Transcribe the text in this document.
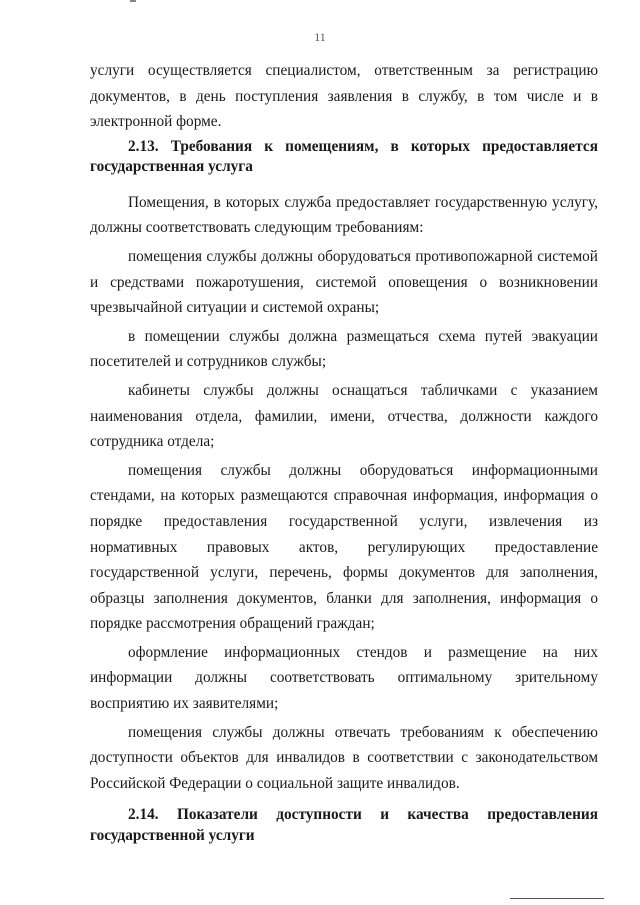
11

услуги осуществляется специалистом, ответственным за регистрацию документов, в день поступления заявления в службу, в том числе и в электронной форме.

2.13. Требования к помещениям, в которых предоставляется государственная услуга

Помещения, в которых служба предоставляет государственную услугу, должны соответствовать следующим требованиям:

помещения службы должны оборудоваться противопожарной системой и средствами пожаротушения, системой оповещения о возникновении чрезвычайной ситуации и системой охраны;

в помещении службы должна размещаться схема путей эвакуации посетителей и сотрудников службы;

кабинеты службы должны оснащаться табличками с указанием наименования отдела, фамилии, имени, отчества, должности каждого сотрудника отдела;

помещения службы должны оборудоваться информационными стендами, на которых размещаются справочная информация, информация о порядке предоставления государственной услуги, извлечения из нормативных правовых актов, регулирующих предоставление государственной услуги, перечень, формы документов для заполнения, образцы заполнения документов, бланки для заполнения, информация о порядке рассмотрения обращений граждан;

оформление информационных стендов и размещение на них информации должны соответствовать оптимальному зрительному восприятию их заявителями;

помещения службы должны отвечать требованиям к обеспечению доступности объектов для инвалидов в соответствии с законодательством Российской Федерации о социальной защите инвалидов.

2.14. Показатели доступности и качества предоставления государственной услуги
